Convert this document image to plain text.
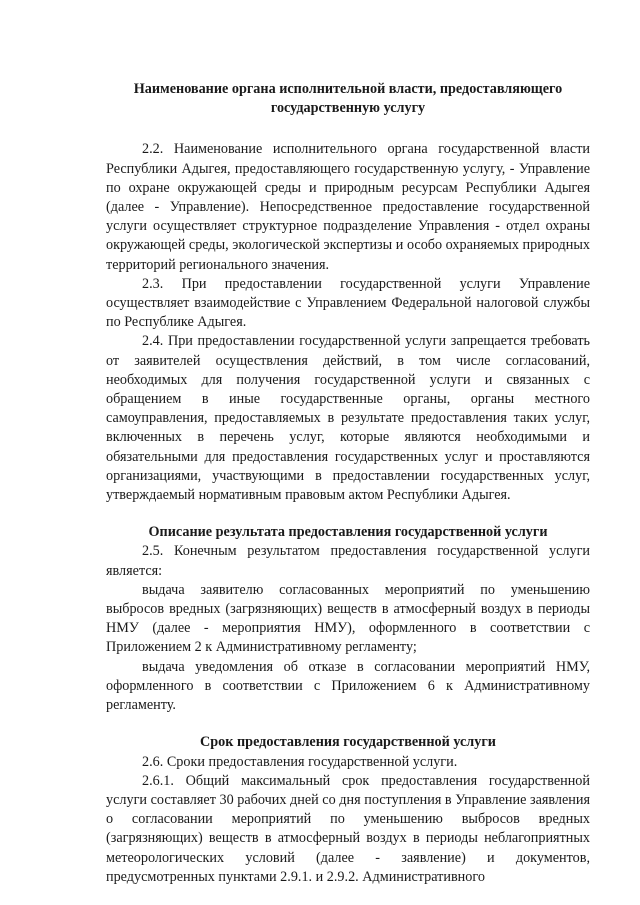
Наименование органа исполнительной власти, предоставляющего государственную услугу

2.2. Наименование исполнительного органа государственной власти Республики Адыгея, предоставляющего государственную услугу, - Управление по охране окружающей среды и природным ресурсам Республики Адыгея (далее - Управление). Непосредственное предоставление государственной услуги осуществляет структурное подразделение Управления - отдел охраны окружающей среды, экологической экспертизы и особо охраняемых природных территорий регионального значения.

2.3. При предоставлении государственной услуги Управление осуществляет взаимодействие с Управлением Федеральной налоговой службы по Республике Адыгея.

2.4. При предоставлении государственной услуги запрещается требовать от заявителей осуществления действий, в том числе согласований, необходимых для получения государственной услуги и связанных с обращением в иные государственные органы, органы местного самоуправления, предоставляемых в результате предоставления таких услуг, включенных в перечень услуг, которые являются необходимыми и обязательными для предоставления государственных услуг и проставляются организациями, участвующими в предоставлении государственных услуг, утверждаемый нормативным правовым актом Республики Адыгея.

Описание результата предоставления государственной услуги

2.5. Конечным результатом предоставления государственной услуги является:

выдача заявителю согласованных мероприятий по уменьшению выбросов вредных (загрязняющих) веществ в атмосферный воздух в периоды НМУ (далее - мероприятия НМУ), оформленного в соответствии с Приложением 2 к Административному регламенту;

выдача уведомления об отказе в согласовании мероприятий НМУ, оформленного в соответствии с Приложением 6 к Административному регламенту.

Срок предоставления государственной услуги

2.6. Сроки предоставления государственной услуги.

2.6.1. Общий максимальный срок предоставления государственной услуги составляет 30 рабочих дней со дня поступления в Управление заявления о согласовании мероприятий по уменьшению выбросов вредных (загрязняющих) веществ в атмосферный воздух в периоды неблагоприятных метеорологических условий (далее - заявление) и документов, предусмотренных пунктами 2.9.1. и 2.9.2. Административного
